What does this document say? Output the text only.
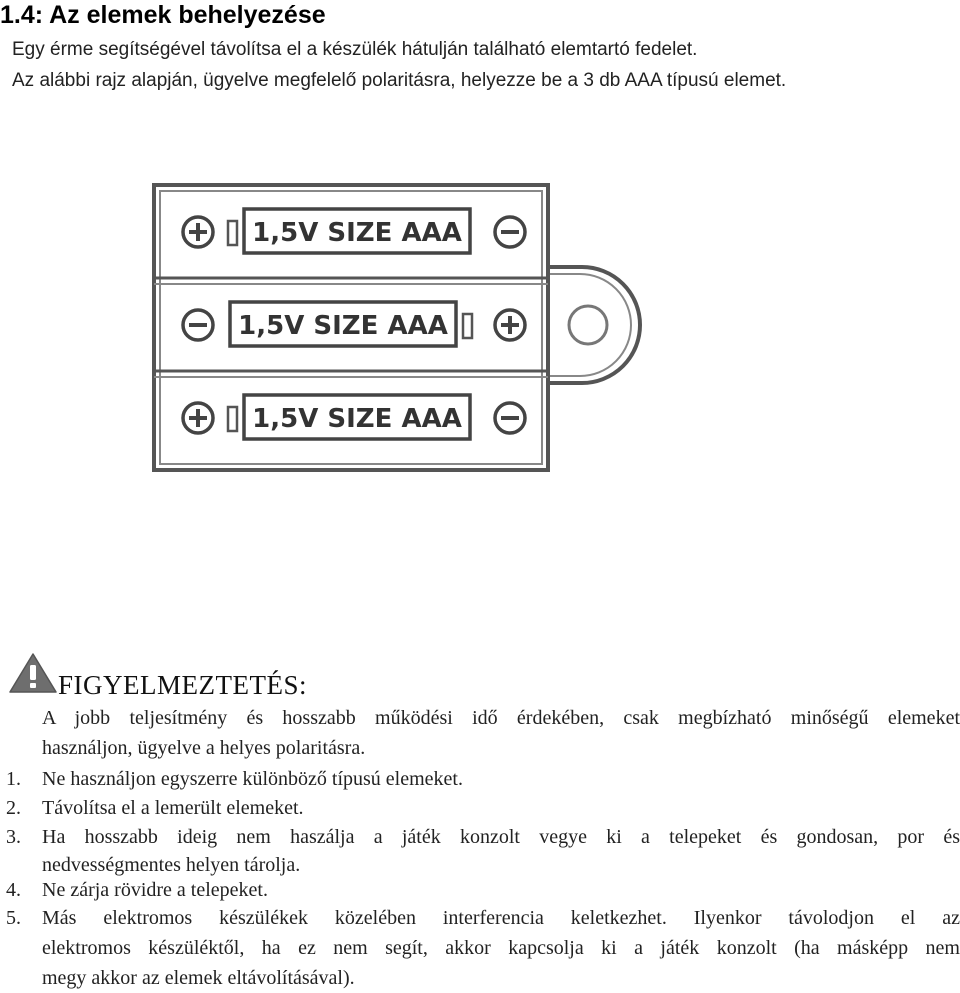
1.4: Az elemek behelyezése

Egy érme segítségével távolítsa el a készülék hátulján található elemtartó fedelet.

Az alábbi rajz alapján, ügyelve megfelelő polaritásra, helyezze be a 3 db AAA típusú elemet.

1,5V SIZE AAA
1,5V SIZE AAA
1,5V SIZE AAA
FIGYELMEZTETÉS:
A jobb teljesítmény és hosszabb működési idő érdekében, csak megbízható minőségű elemeket
használjon, ügyelve a helyes polaritásra.
1. Ne használjon egyszerre különböző típusú elemeket.
2. Távolítsa el a lemerült elemeket.
3. Ha hosszabb ideig nem haszálja a játék konzolt vegye ki a telepeket és gondosan, por és
nedvességmentes helyen tárolja.
4. Ne zárja rövidre a telepeket.
5. Más elektromos készülékek közelében interferencia keletkezhet. Ilyenkor távolodjon el az
elektromos készüléktől, ha ez nem segít, akkor kapcsolja ki a játék konzolt (ha másképp nem
megy akkor az elemek eltávolításával).
